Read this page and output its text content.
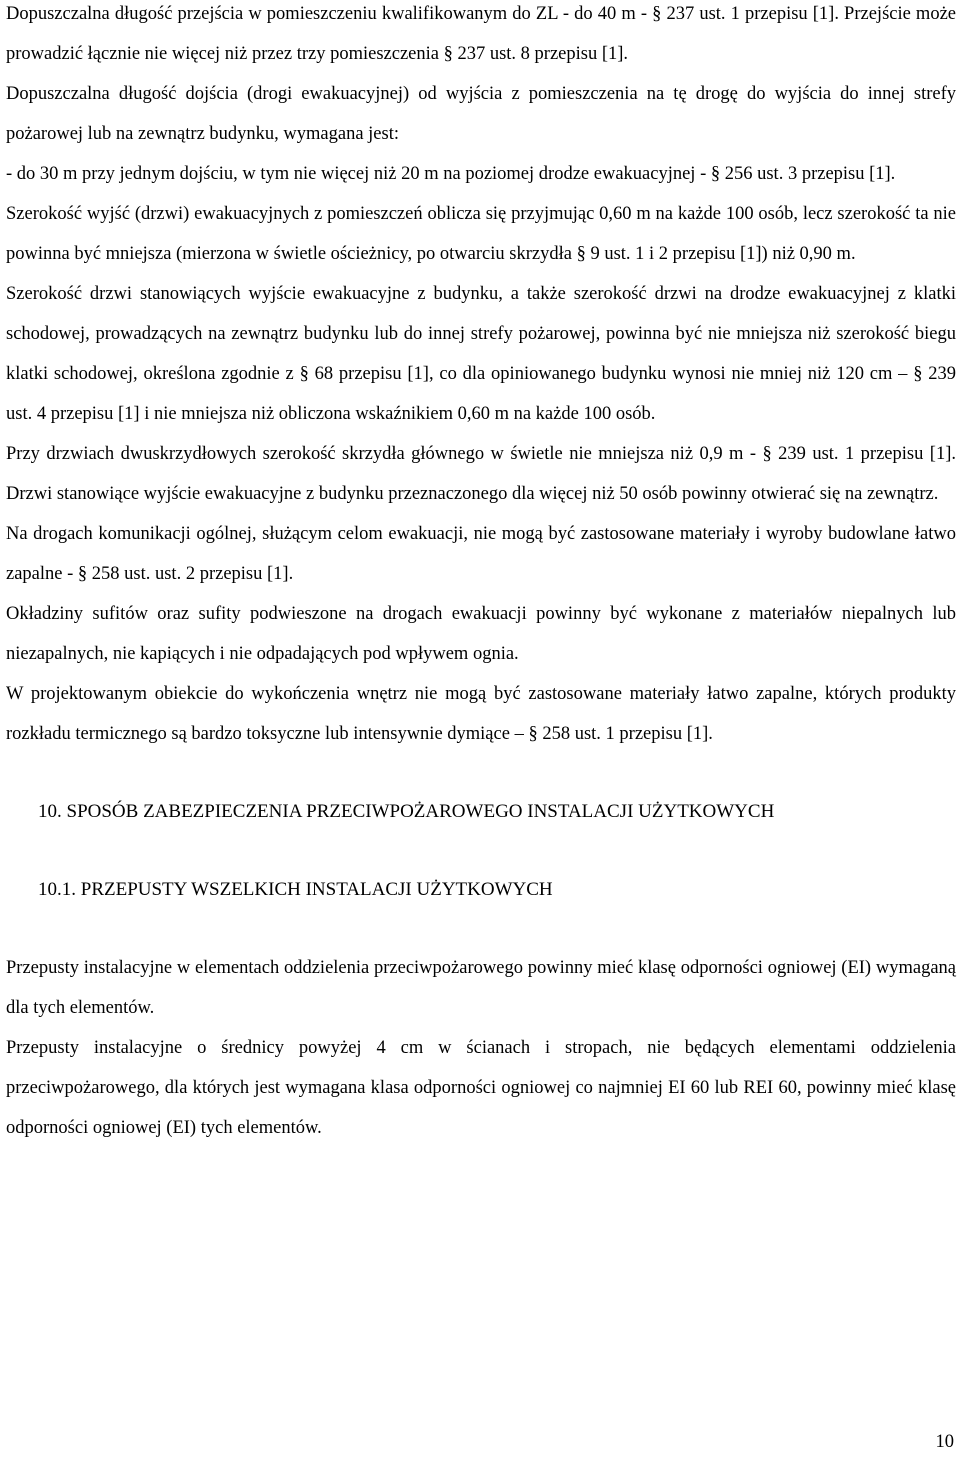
Dopuszczalna długość przejścia w pomieszczeniu kwalifikowanym do ZL - do 40 m - § 237 ust. 1 przepisu [1]. Przejście może prowadzić łącznie nie więcej niż przez trzy pomieszczenia § 237 ust. 8 przepisu [1].

Dopuszczalna długość dojścia (drogi ewakuacyjnej) od wyjścia z pomieszczenia na tę drogę do wyjścia do innej strefy pożarowej lub na zewnątrz budynku, wymagana jest:

- do 30 m przy jednym dojściu, w tym nie więcej niż 20 m na poziomej drodze ewakuacyjnej - § 256 ust. 3 przepisu [1].

Szerokość wyjść (drzwi) ewakuacyjnych z pomieszczeń oblicza się przyjmując 0,60 m na każde 100 osób, lecz szerokość ta nie powinna być mniejsza (mierzona w świetle ościeżnicy, po otwarciu skrzydła § 9 ust. 1 i 2 przepisu [1]) niż 0,90 m.

Szerokość drzwi stanowiących wyjście ewakuacyjne z budynku, a także szerokość drzwi na drodze ewakuacyjnej z klatki schodowej, prowadzących na zewnątrz budynku lub do innej strefy pożarowej, powinna być nie mniejsza niż szerokość biegu klatki schodowej, określona zgodnie z § 68 przepisu [1], co dla opiniowanego budynku wynosi nie mniej niż 120 cm – § 239 ust. 4 przepisu [1] i nie mniejsza niż obliczona wskaźnikiem 0,60 m na każde 100 osób.

Przy drzwiach dwuskrzydłowych szerokość skrzydła głównego w świetle nie mniejsza niż 0,9 m - § 239 ust. 1 przepisu [1]. Drzwi stanowiące wyjście ewakuacyjne z budynku przeznaczonego dla więcej niż 50 osób powinny otwierać się na zewnątrz.

Na drogach komunikacji ogólnej, służącym celom ewakuacji, nie mogą być zastosowane materiały i wyroby budowlane łatwo zapalne - § 258 ust. ust. 2 przepisu [1].

Okładziny sufitów oraz sufity podwieszone na drogach ewakuacji powinny być wykonane z materiałów niepalnych lub niezapalnych, nie kapiących i nie odpadających pod wpływem ognia.

W projektowanym obiekcie do wykończenia wnętrz nie mogą być zastosowane materiały łatwo zapalne, których produkty rozkładu termicznego są bardzo toksyczne lub intensywnie dymiące – § 258 ust. 1 przepisu [1].

10. SPOSÓB ZABEZPIECZENIA PRZECIWPOŻAROWEGO INSTALACJI UŻYTKOWYCH

10.1. PRZEPUSTY WSZELKICH INSTALACJI UŻYTKOWYCH

Przepusty instalacyjne w elementach oddzielenia przeciwpożarowego powinny mieć klasę odporności ogniowej (EI) wymaganą dla tych elementów.

Przepusty instalacyjne o średnicy powyżej 4 cm w ścianach i stropach, nie będących elementami oddzielenia przeciwpożarowego, dla których jest wymagana klasa odporności ogniowej co najmniej EI 60 lub REI 60, powinny mieć klasę odporności ogniowej (EI) tych elementów.

10
